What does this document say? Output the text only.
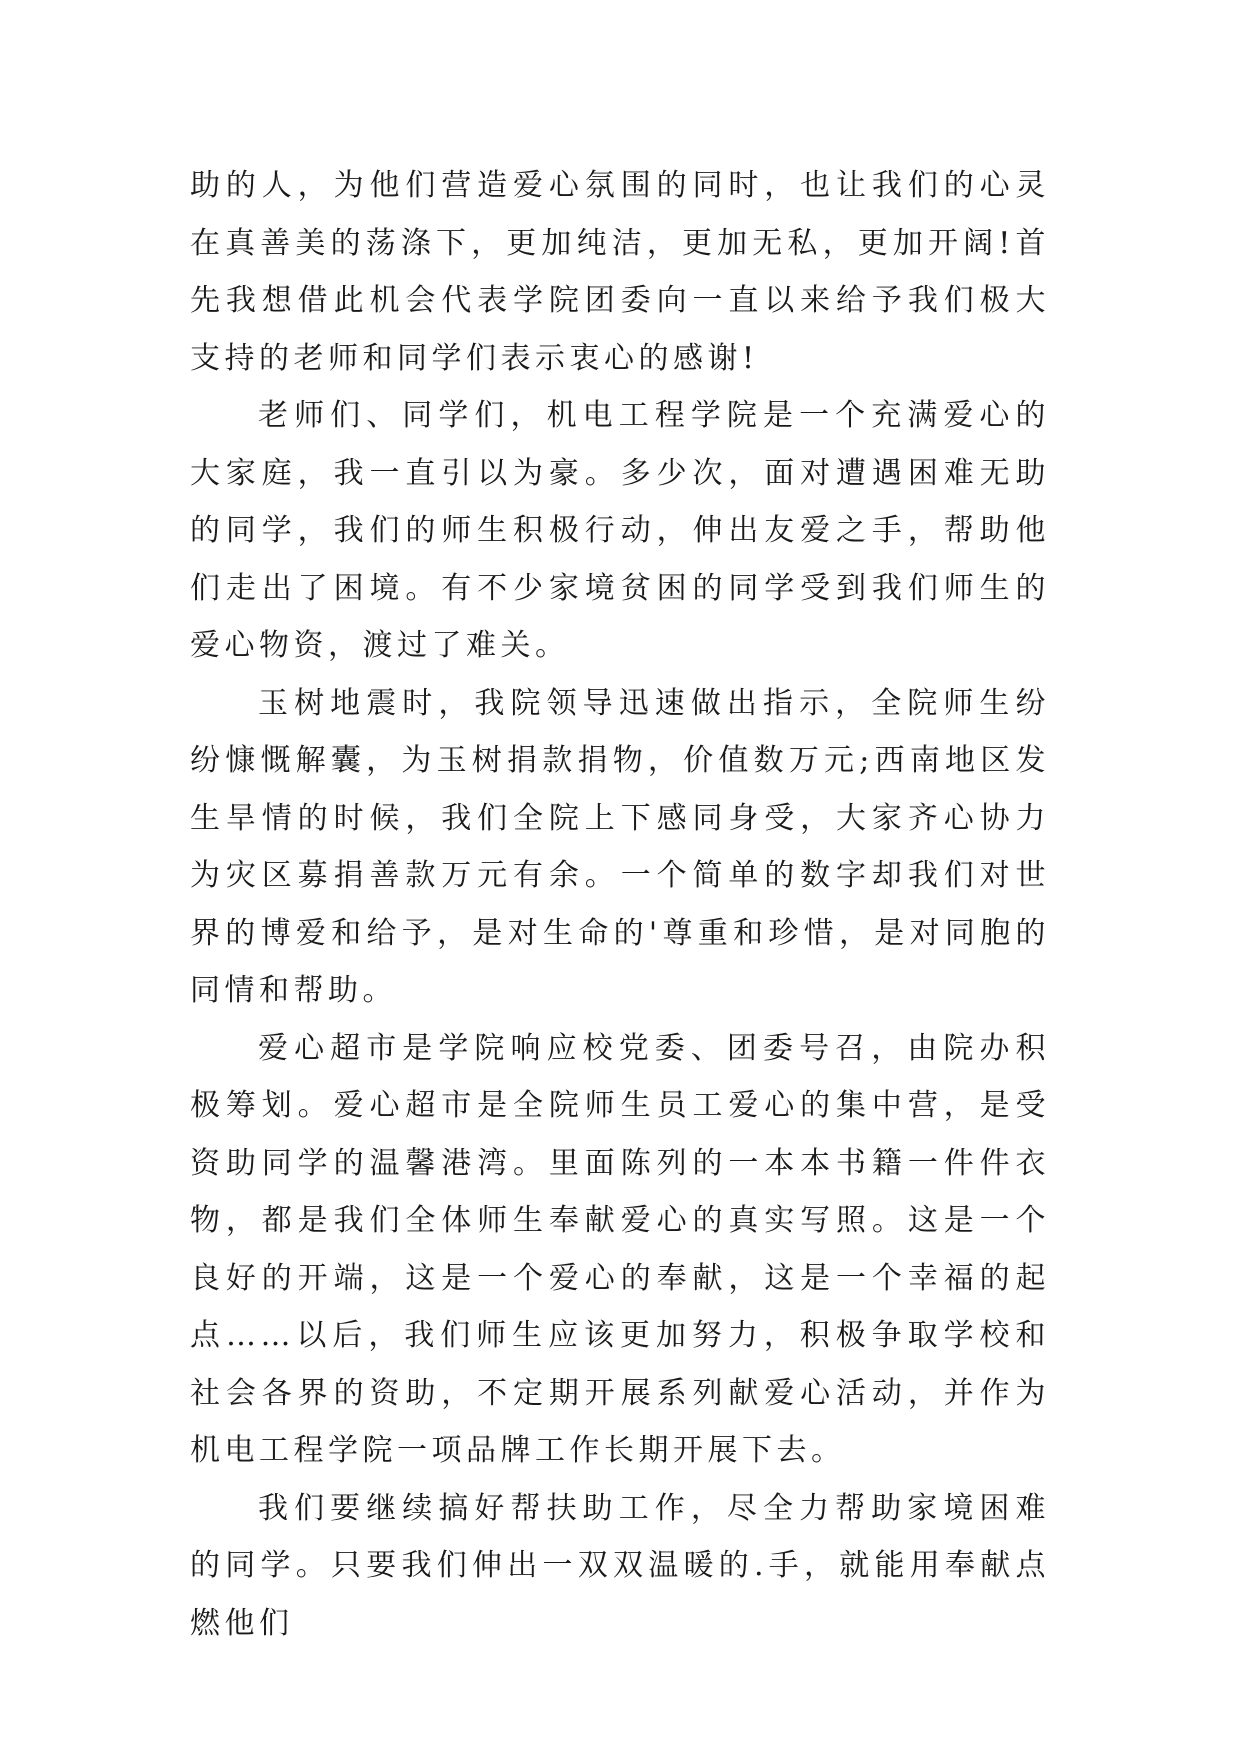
助的人，为他们营造爱心氛围的同时，也让我们的心灵在真善美的荡涤下，更加纯洁，更加无私，更加开阔!首先我想借此机会代表学院团委向一直以来给予我们极大支持的老师和同学们表示衷心的感谢!

老师们、同学们，机电工程学院是一个充满爱心的大家庭，我一直引以为豪。多少次，面对遭遇困难无助的同学，我们的师生积极行动，伸出友爱之手，帮助他们走出了困境。有不少家境贫困的同学受到我们师生的爱心物资，渡过了难关。

玉树地震时，我院领导迅速做出指示，全院师生纷纷慷慨解囊，为玉树捐款捐物，价值数万元;西南地区发生旱情的时候，我们全院上下感同身受，大家齐心协力为灾区募捐善款万元有余。一个简单的数字却我们对世界的博爱和给予，是对生命的'尊重和珍惜，是对同胞的同情和帮助。

爱心超市是学院响应校党委、团委号召，由院办积极筹划。爱心超市是全院师生员工爱心的集中营，是受资助同学的温馨港湾。里面陈列的一本本书籍一件件衣物，都是我们全体师生奉献爱心的真实写照。这是一个良好的开端，这是一个爱心的奉献，这是一个幸福的起点……以后，我们师生应该更加努力，积极争取学校和社会各界的资助，不定期开展系列献爱心活动，并作为机电工程学院一项品牌工作长期开展下去。

我们要继续搞好帮扶助工作，尽全力帮助家境困难的同学。只要我们伸出一双双温暖的.手，就能用奉献点燃他们
